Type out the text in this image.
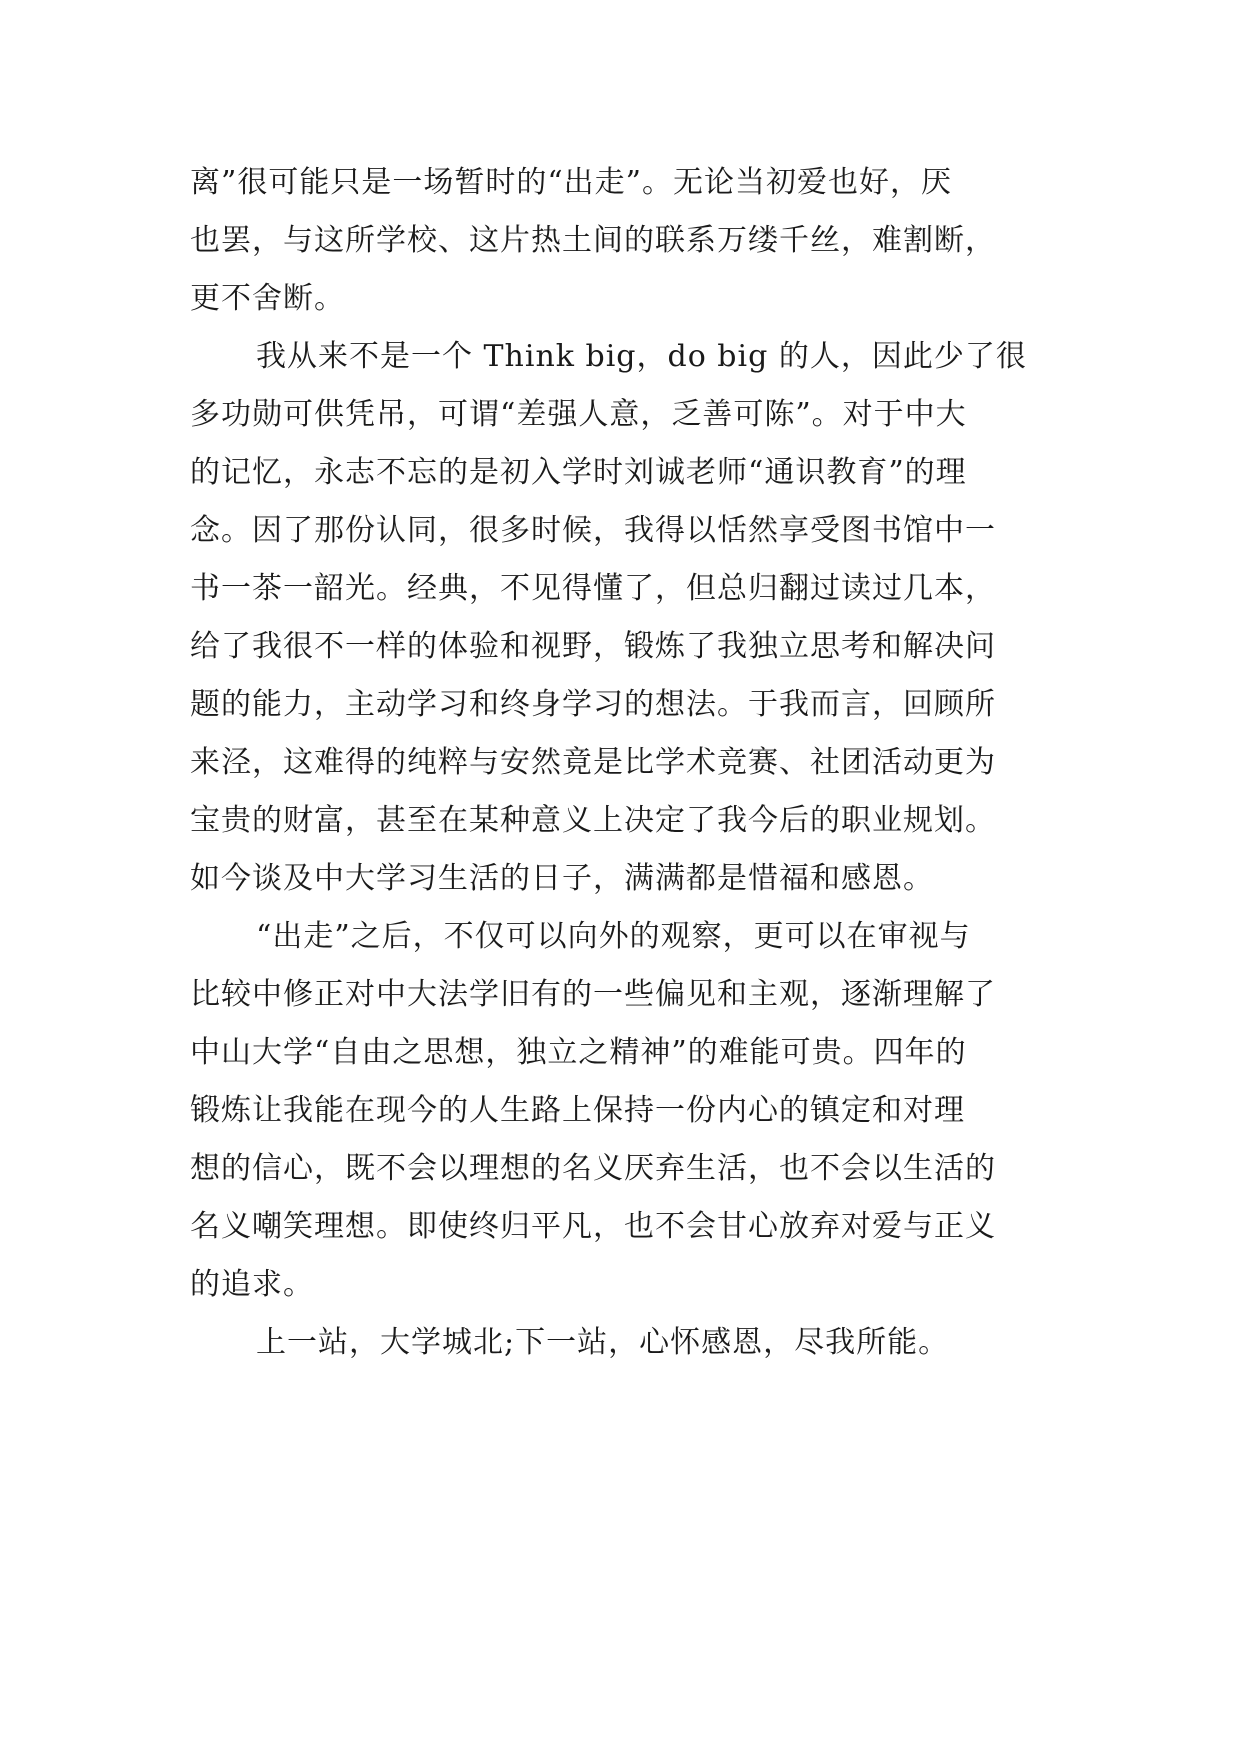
离”很可能只是一场暂时的“出走”。无论当初爱也好，厌

也罢，与这所学校、这片热土间的联系万缕千丝，难割断，

更不舍断。

我从来不是一个 Think big，do big 的人，因此少了很

多功勋可供凭吊，可谓“差强人意，乏善可陈”。对于中大

的记忆，永志不忘的是初入学时刘诚老师“通识教育”的理

念。因了那份认同，很多时候，我得以恬然享受图书馆中一

书一茶一韶光。经典，不见得懂了，但总归翻过读过几本，

给了我很不一样的体验和视野，锻炼了我独立思考和解决问

题的能力，主动学习和终身学习的想法。于我而言，回顾所

来泾，这难得的纯粹与安然竟是比学术竞赛、社团活动更为

宝贵的财富，甚至在某种意义上决定了我今后的职业规划。

如今谈及中大学习生活的日子，满满都是惜福和感恩。

“出走”之后，不仅可以向外的观察，更可以在审视与

比较中修正对中大法学旧有的一些偏见和主观，逐渐理解了

中山大学“自由之思想，独立之精神”的难能可贵。四年的

锻炼让我能在现今的人生路上保持一份内心的镇定和对理

想的信心，既不会以理想的名义厌弃生活，也不会以生活的

名义嘲笑理想。即使终归平凡，也不会甘心放弃对爱与正义

的追求。

上一站，大学城北;下一站，心怀感恩，尽我所能。
